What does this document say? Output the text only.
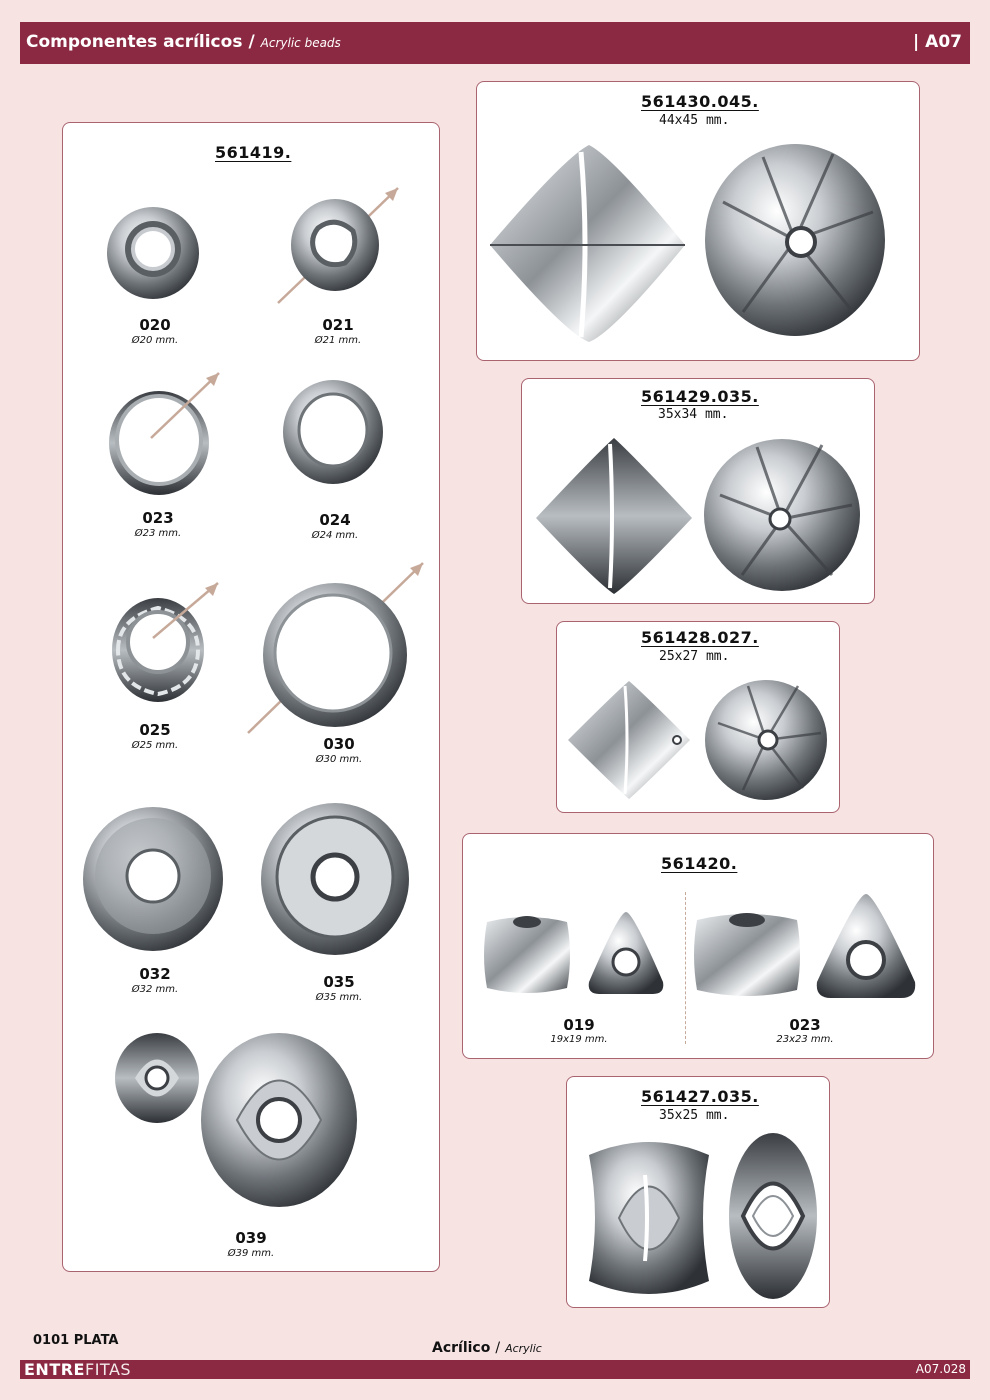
Componentes acrílicos / Acrylic beads	| A07
561419.
020
Ø20 mm.
021
Ø21 mm.
023
Ø23 mm.
024
Ø24 mm.
025
Ø25 mm.	030
Ø30 mm.
032
Ø32 mm.	035
Ø35 mm.
039
Ø39 mm.
561430.045.
44x45 mm.
561429.035.
35x34 mm.
561428.027.
25x27 mm.
561420.
019
19x19 mm.
023
23x23 mm.
561427.035.
35x25 mm.
0101 PLATA	Acrílico / Acrylic
ENTREFITAS	A07.028
